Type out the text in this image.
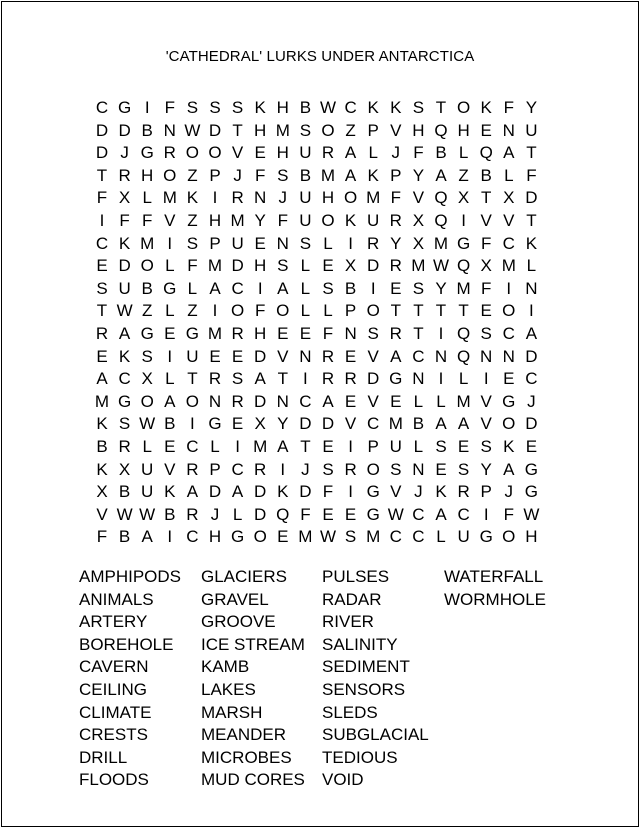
'CATHEDRAL' LURKS UNDER ANTARCTICA
C G I F S S S K H B W C K K S T O K F Y
D D B N W D T H M S O Z P V H Q H E N U
D J G R O O V E H U R A L J F B L Q A T
T R H O Z P J F S B M A K P Y A Z B L F
F X L M K I R N J U H O M F V Q X T X D
I F F V Z H M Y F U O K U R X Q I V V T
C K M I S P U E N S L I R Y X M G F C K
E D O L F M D H S L E X D R M W Q X M L
S U B G L A C I A L S B I E S Y M F I N
T W Z L Z I O F O L L P O T T T T E O I
R A G E G M R H E E F N S R T I Q S C A
E K S I U E E D V N R E V A C N Q N N D
A C X L T R S A T I R R D G N I L I E C
M G O A O N R D N C A E V E L L M V G J
K S W B I G E X Y D D V C M B A A V O D
B R L E C L I M A T E I P U L S E S K E
K X U V R P C R I J S R O S N E S Y A G
X B U K A D A D K D F I G V J K R P J G
V W W B R J L D Q F E E G W C A C I F W
F B A I C H G O E M W S M C C L U G O H
AMPHIPODS
ANIMALS
ARTERY
BOREHOLE
CAVERN
CEILING
CLIMATE
CRESTS
DRILL
FLOODS
GLACIERS
GRAVEL
GROOVE
ICE STREAM
KAMB
LAKES
MARSH
MEANDER
MICROBES
MUD CORES
PULSES
RADAR
RIVER
SALINITY
SEDIMENT
SENSORS
SLEDS
SUBGLACIAL
TEDIOUS
VOID
WATERFALL
WORMHOLE
